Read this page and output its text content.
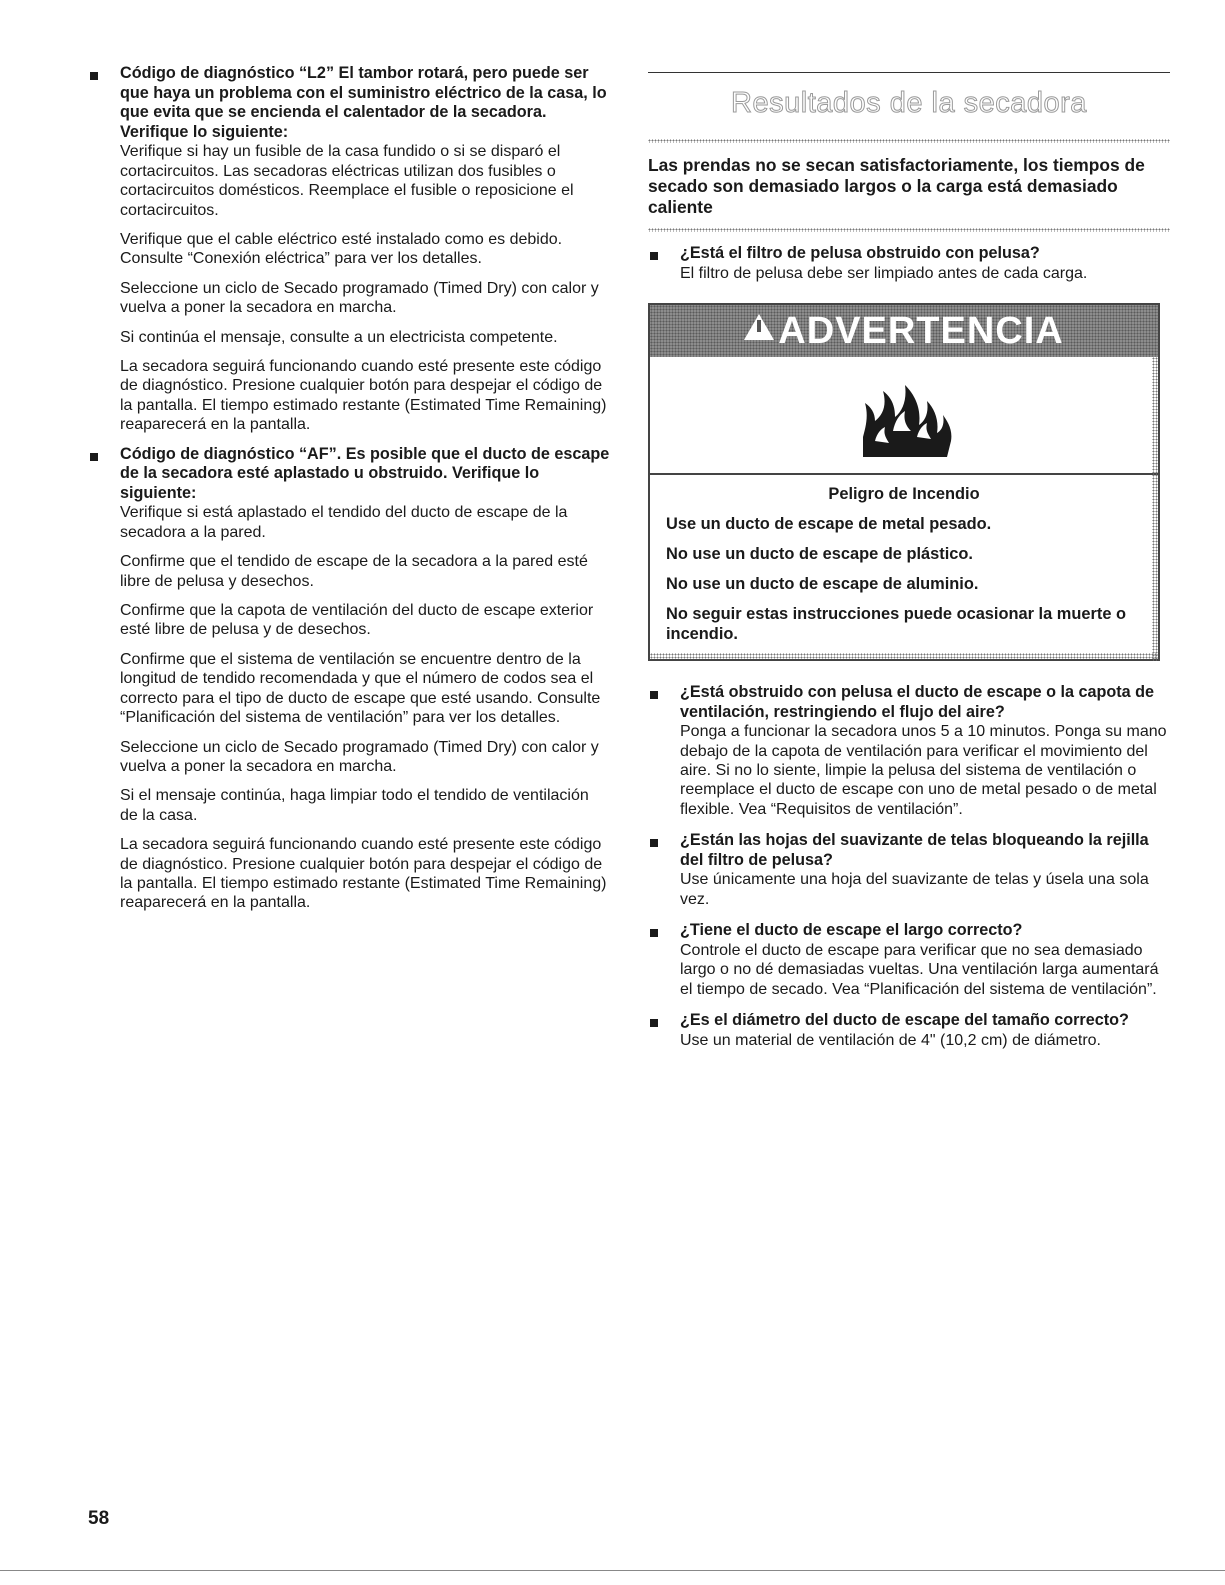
Código de diagnóstico “L2” El tambor rotará, pero puede ser que haya un problema con el suministro eléctrico de la casa, lo que evita que se encienda el calentador de la secadora. Verifique lo siguiente:

Verifique si hay un fusible de la casa fundido o si se disparó el cortacircuitos. Las secadoras eléctricas utilizan dos fusibles o cortacircuitos domésticos. Reemplace el fusible o reposicione el cortacircuitos.

Verifique que el cable eléctrico esté instalado como es debido. Consulte “Conexión eléctrica” para ver los detalles.

Seleccione un ciclo de Secado programado (Timed Dry) con calor y vuelva a poner la secadora en marcha.

Si continúa el mensaje, consulte a un electricista competente.

La secadora seguirá funcionando cuando esté presente este código de diagnóstico. Presione cualquier botón para despejar el código de la pantalla. El tiempo estimado restante (Estimated Time Remaining) reaparecerá en la pantalla.

Código de diagnóstico “AF”. Es posible que el ducto de escape de la secadora esté aplastado u obstruido. Verifique lo siguiente:

Verifique si está aplastado el tendido del ducto de escape de la secadora a la pared.

Confirme que el tendido de escape de la secadora a la pared esté libre de pelusa y desechos.

Confirme que la capota de ventilación del ducto de escape exterior esté libre de pelusa y de desechos.

Confirme que el sistema de ventilación se encuentre dentro de la longitud de tendido recomendada y que el número de codos sea el correcto para el tipo de ducto de escape que esté usando. Consulte “Planificación del sistema de ventilación” para ver los detalles.

Seleccione un ciclo de Secado programado (Timed Dry) con calor y vuelva a poner la secadora en marcha.

Si el mensaje continúa, haga limpiar todo el tendido de ventilación de la casa.

La secadora seguirá funcionando cuando esté presente este código de diagnóstico. Presione cualquier botón para despejar el código de la pantalla. El tiempo estimado restante (Estimated Time Remaining) reaparecerá en la pantalla.

Resultados de la secadora
Las prendas no se secan satisfactoriamente, los tiempos de secado son demasiado largos o la carga está demasiado caliente
¿Está el filtro de pelusa obstruido con pelusa?

El filtro de pelusa debe ser limpiado antes de cada carga.

ADVERTENCIA
Peligro de Incendio
Use un ducto de escape de metal pesado.
No use un ducto de escape de plástico.
No use un ducto de escape de aluminio.
No seguir estas instrucciones puede ocasionar la muerte o incendio.
¿Está obstruido con pelusa el ducto de escape o la capota de ventilación, restringiendo el flujo del aire?

Ponga a funcionar la secadora unos 5 a 10 minutos. Ponga su mano debajo de la capota de ventilación para verificar el movimiento del aire. Si no lo siente, limpie la pelusa del sistema de ventilación o reemplace el ducto de escape con uno de metal pesado o de metal flexible. Vea “Requisitos de ventilación”.

¿Están las hojas del suavizante de telas bloqueando la rejilla del filtro de pelusa?

Use únicamente una hoja del suavizante de telas y úsela una sola vez.

¿Tiene el ducto de escape el largo correcto?

Controle el ducto de escape para verificar que no sea demasiado largo o no dé demasiadas vueltas. Una ventilación larga aumentará el tiempo de secado. Vea “Planificación del sistema de ventilación”.

¿Es el diámetro del ducto de escape del tamaño correcto?

Use un material de ventilación de 4" (10,2 cm) de diámetro.

58
